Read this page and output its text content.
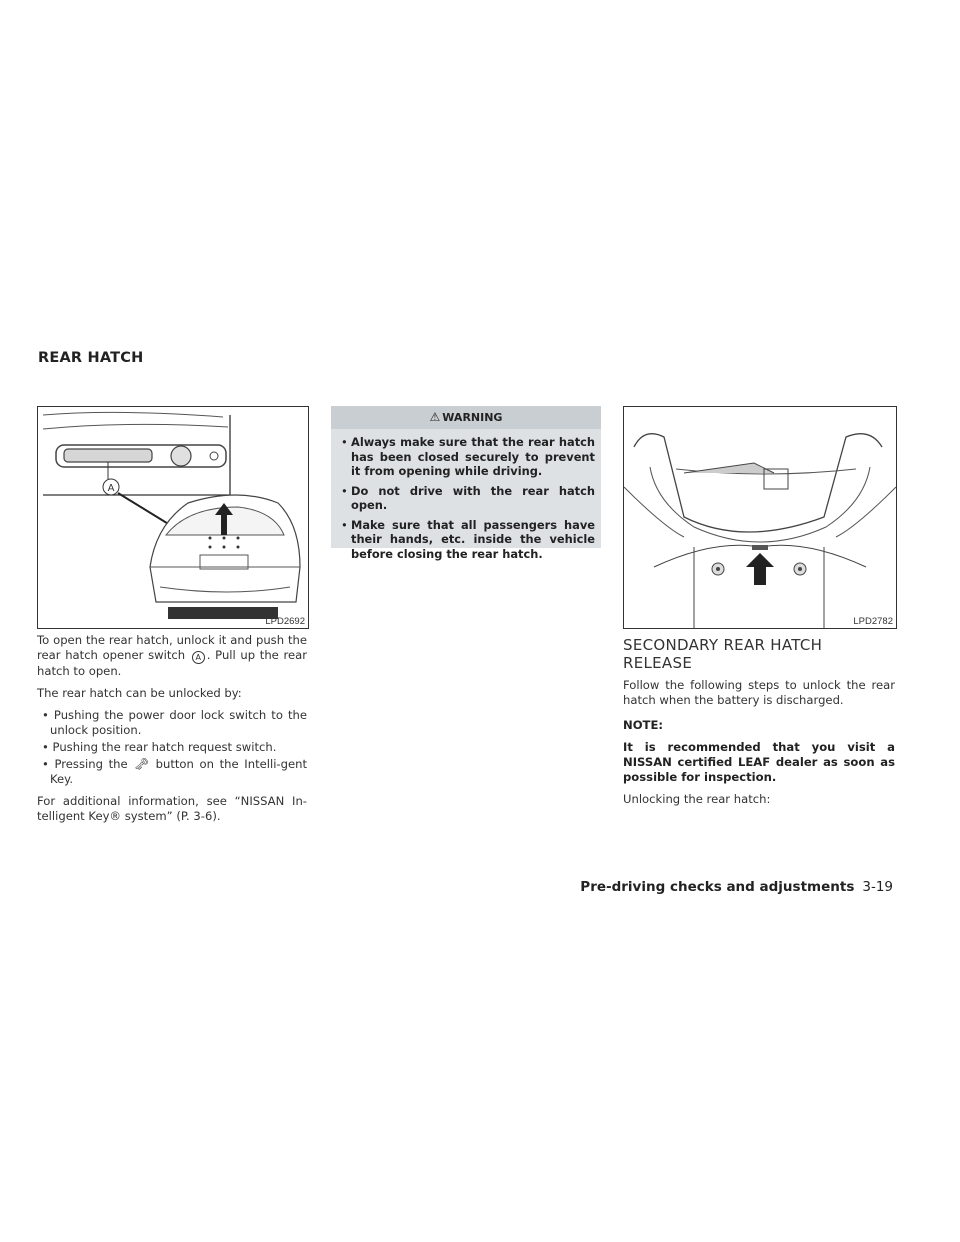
REAR HATCH
A
LPD2692

To open the rear hatch, unlock it and push the rear hatch opener switch A . Pull up the rear hatch to open.

The rear hatch can be unlocked by:

• Pushing the power door lock switch to the unlock position.
• Pushing the rear hatch request switch.
• Pressing the 🗝︎ button on the Intelli-gent Key.

For additional information, see “NISSAN In-telligent Key® system” (P. 3-6).

⚠ WARNING
• Always make sure that the rear hatch has been closed securely to prevent it from opening while driving.
• Do not drive with the rear hatch open.
• Make sure that all passengers have their hands, etc. inside the vehicle before closing the rear hatch.
LPD2782
SECONDARY REAR HATCH
RELEASE

Follow the following steps to unlock the rear hatch when the battery is discharged.

NOTE:

It is recommended that you visit a NISSAN certified LEAF dealer as soon as possible for inspection.

Unlocking the rear hatch:

Pre-driving checks and adjustments 3-19
